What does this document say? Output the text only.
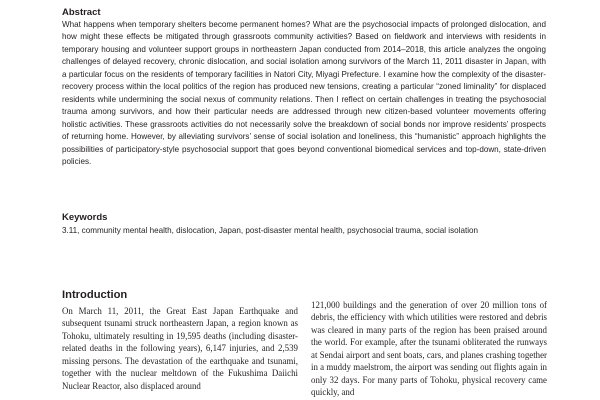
Abstract

What happens when temporary shelters become permanent homes? What are the psychosocial impacts of prolonged dislocation, and how might these effects be mitigated through grassroots community activities? Based on fieldwork and interviews with residents in temporary housing and volunteer support groups in northeastern Japan conducted from 2014–2018, this article analyzes the ongoing challenges of delayed recovery, chronic dislocation, and social isolation among survivors of the March 11, 2011 disaster in Japan, with a particular focus on the residents of temporary facilities in Natori City, Miyagi Prefecture. I examine how the complexity of the disaster-recovery process within the local politics of the region has produced new tensions, creating a particular “zoned liminality” for displaced residents while undermining the social nexus of community relations. Then I reflect on certain challenges in treating the psychosocial trauma among survivors, and how their particular needs are addressed through new citizen-based volunteer movements offering holistic activities. These grassroots activities do not necessarily solve the breakdown of social bonds nor improve residents’ prospects of returning home. However, by alleviating survivors’ sense of social isolation and loneliness, this “humanistic” approach highlights the possibilities of participatory-style psychosocial support that goes beyond conventional biomedical services and top-down, state-driven policies.

Keywords

3.11, community mental health, dislocation, Japan, post-disaster mental health, psychosocial trauma, social isolation

Introduction

On March 11, 2011, the Great East Japan Earthquake and subsequent tsunami struck northeastern Japan, a region known as Tohoku, ultimately resulting in 19,595 deaths (including disaster-related deaths in the following years), 6,147 injuries, and 2,539 missing persons. The devastation of the earthquake and tsunami, together with the nuclear meltdown of the Fukushima Daiichi Nuclear Reactor, also displaced around

121,000 buildings and the generation of over 20 million tons of debris, the efficiency with which utilities were restored and debris was cleared in many parts of the region has been praised around the world. For example, after the tsunami obliterated the runways at Sendai airport and sent boats, cars, and planes crashing together in a muddy maelstrom, the airport was sending out flights again in only 32 days. For many parts of Tohoku, physical recovery came quickly, and
